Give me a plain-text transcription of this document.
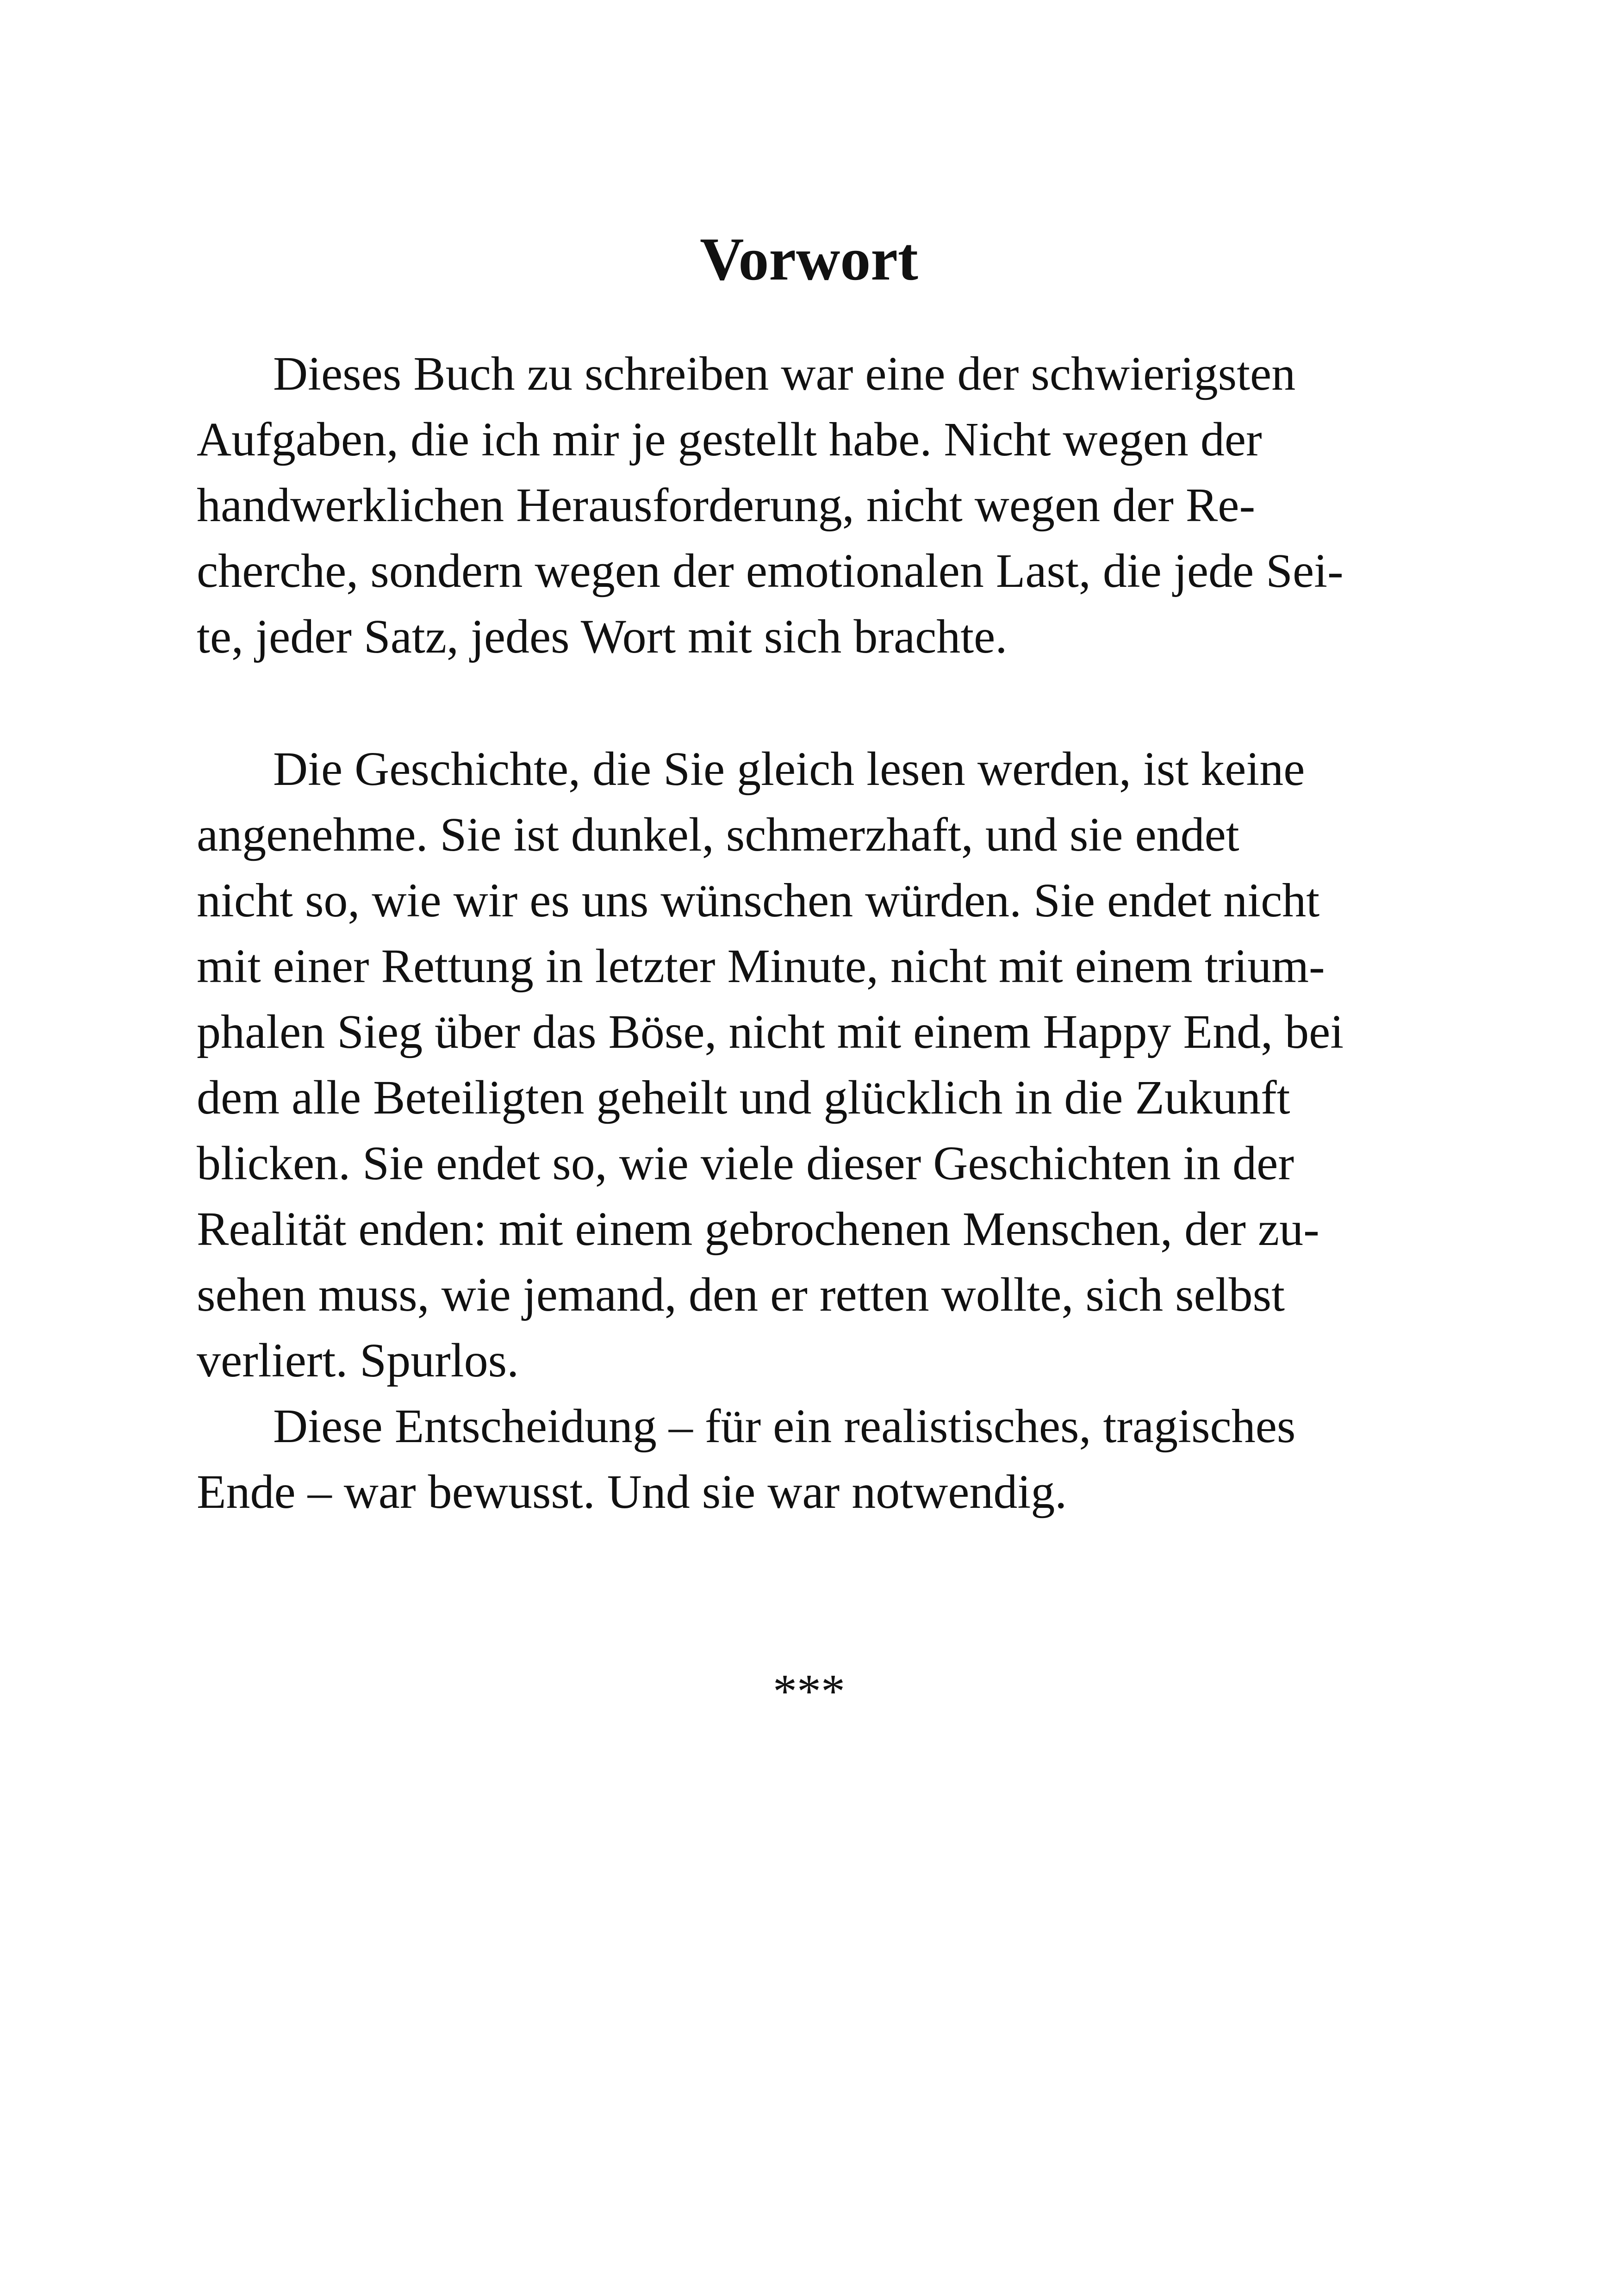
Vorwort

Dieses Buch zu schreiben war eine der schwierigsten

Aufgaben, die ich mir je gestellt habe. Nicht wegen der

handwerklichen Herausforderung, nicht wegen der Re-

cherche, sondern wegen der emotionalen Last, die jede Sei-

te, jeder Satz, jedes Wort mit sich brachte.

Die Geschichte, die Sie gleich lesen werden, ist keine

angenehme. Sie ist dunkel, schmerzhaft, und sie endet

nicht so, wie wir es uns wünschen würden. Sie endet nicht

mit einer Rettung in letzter Minute, nicht mit einem trium-

phalen Sieg über das Böse, nicht mit einem Happy End, bei

dem alle Beteiligten geheilt und glücklich in die Zukunft

blicken. Sie endet so, wie viele dieser Geschichten in der

Realität enden: mit einem gebrochenen Menschen, der zu-

sehen muss, wie jemand, den er retten wollte, sich selbst

verliert. Spurlos.

Diese Entscheidung – für ein realistisches, tragisches

Ende – war bewusst. Und sie war notwendig.

***
